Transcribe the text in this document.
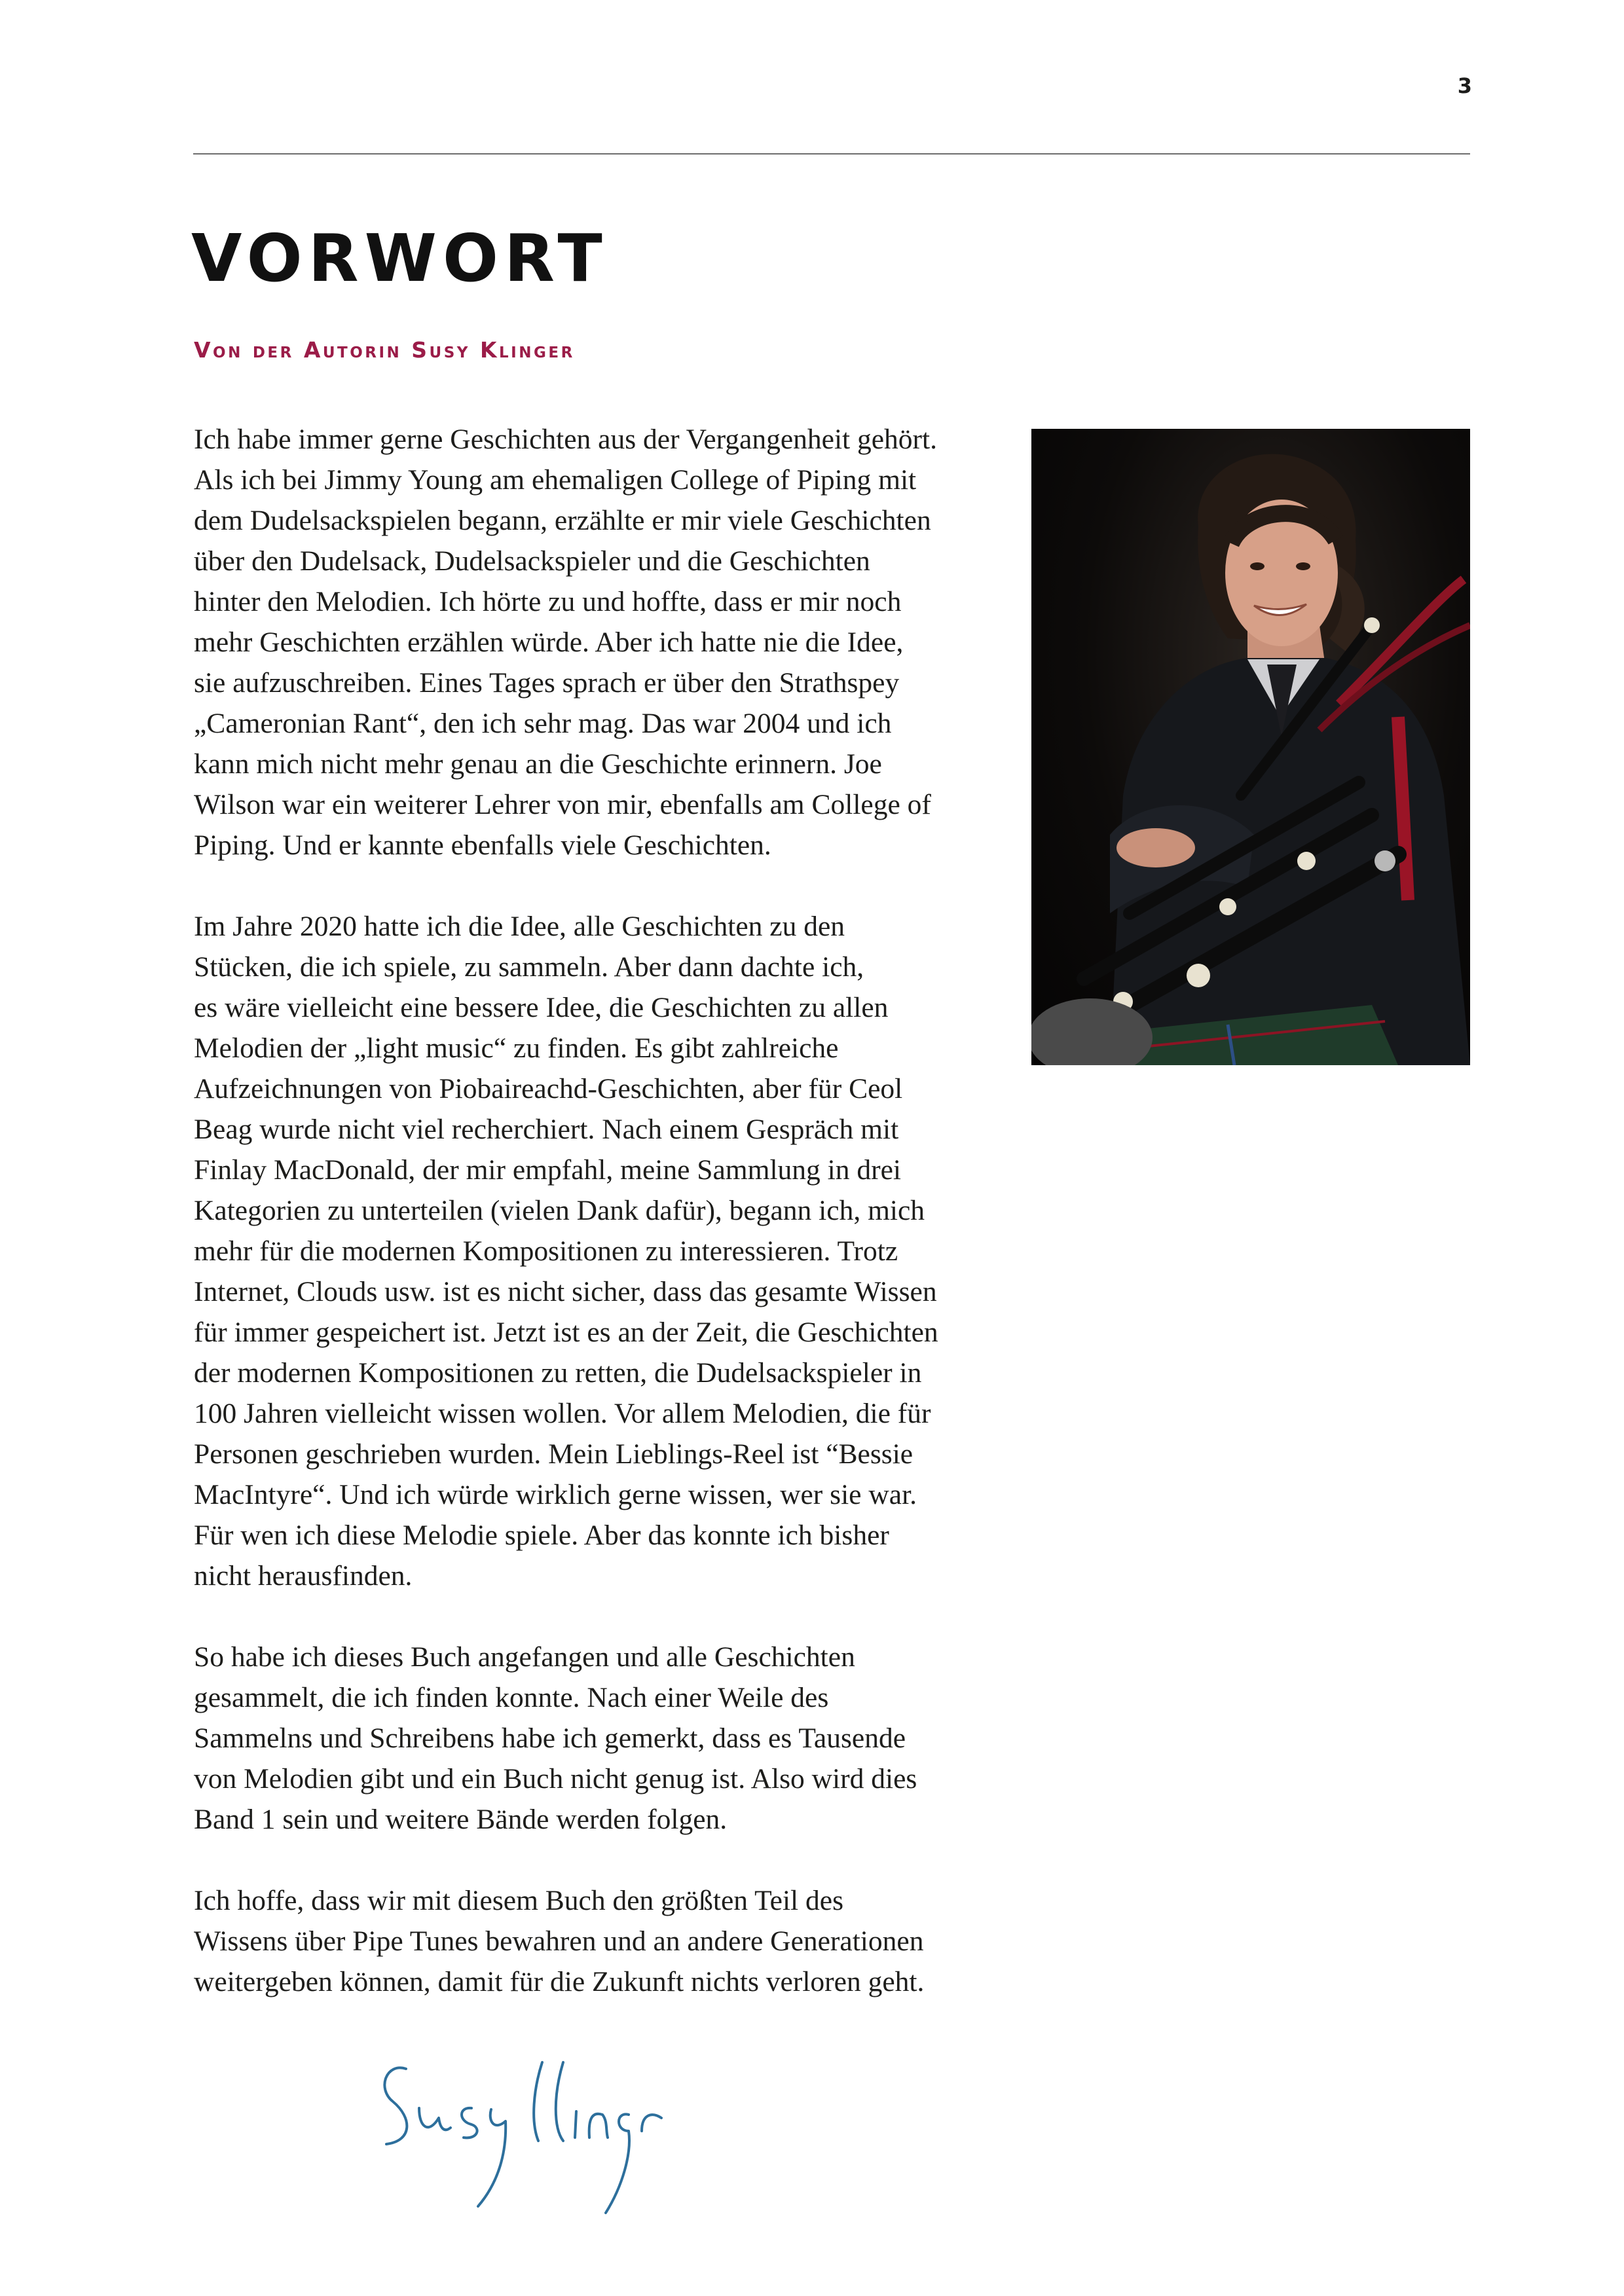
3
VORWORT
Von der Autorin Susy Klinger

Ich habe immer gerne Geschichten aus der Vergangenheit gehört.
Als ich bei Jimmy Young am ehemaligen College of Piping mit
dem Dudelsackspielen begann, erzählte er mir viele Geschichten
über den Dudelsack, Dudelsackspieler und die Geschichten
hinter den Melodien. Ich hörte zu und hoffte, dass er mir noch
mehr Geschichten erzählen würde. Aber ich hatte nie die Idee,
sie aufzuschreiben. Eines Tages sprach er über den Strathspey
„Cameronian Rant“, den ich sehr mag. Das war 2004 und ich
kann mich nicht mehr genau an die Geschichte erinnern. Joe
Wilson war ein weiterer Lehrer von mir, ebenfalls am College of
Piping. Und er kannte ebenfalls viele Geschichten.

Im Jahre 2020 hatte ich die Idee, alle Geschichten zu den
Stücken, die ich spiele, zu sammeln. Aber dann dachte ich,
es wäre vielleicht eine bessere Idee, die Geschichten zu allen
Melodien der „light music“ zu finden. Es gibt zahlreiche
Aufzeichnungen von Piobaireachd-Geschichten, aber für Ceol
Beag wurde nicht viel recherchiert. Nach einem Gespräch mit
Finlay MacDonald, der mir empfahl, meine Sammlung in drei
Kategorien zu unterteilen (vielen Dank dafür), begann ich, mich
mehr für die modernen Kompositionen zu interessieren. Trotz
Internet, Clouds usw. ist es nicht sicher, dass das gesamte Wissen
für immer gespeichert ist. Jetzt ist es an der Zeit, die Geschichten
der modernen Kompositionen zu retten, die Dudelsackspieler in
100 Jahren vielleicht wissen wollen. Vor allem Melodien, die für
Personen geschrieben wurden. Mein Lieblings-Reel ist “Bessie
MacIntyre“. Und ich würde wirklich gerne wissen, wer sie war.
Für wen ich diese Melodie spiele. Aber das konnte ich bisher
nicht herausfinden.

So habe ich dieses Buch angefangen und alle Geschichten
gesammelt, die ich finden konnte. Nach einer Weile des
Sammelns und Schreibens habe ich gemerkt, dass es Tausende
von Melodien gibt und ein Buch nicht genug ist. Also wird dies
Band 1 sein und weitere Bände werden folgen.

Ich hoffe, dass wir mit diesem Buch den größten Teil des
Wissens über Pipe Tunes bewahren und an andere Generationen
weitergeben können, damit für die Zukunft nichts verloren geht.
